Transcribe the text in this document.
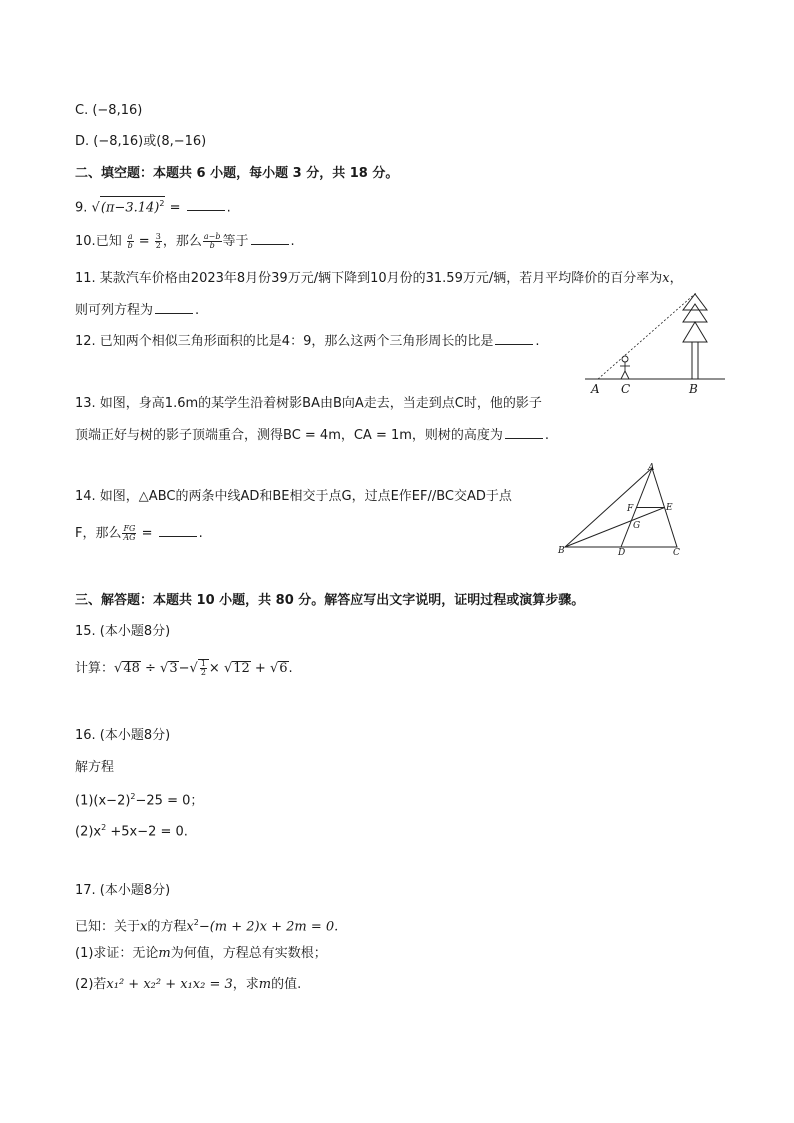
C. (−8,16)
D. (−8,16)或(8,−16)
二、填空题：本题共 6 小题，每小题 3 分，共 18 分。
9. $√(\pi-3.14)^2$ =	.
10.已知 $\frac{a}{b} = \frac{3}{2}$ ，那么 $\frac{a-b}{b}$ 等于	.
11. 某款汽车价格由2023年8月份39万元/辆下降到10月份的31.59万元/辆，若月平均降价的百分率为x，
则可列方程为	.
12. 已知两个相似三角形面积的比是4：9，那么这两个三角形周长的比是	.
A C	B
13. 如图，身高1.6m的某学生沿着树影BA由B向A走去，当走到点C时，他的影子
顶端正好与树的影子顶端重合，测得BC = 4m，CA = 1m，则树的高度为	.
A
E
F
G
B	D	C
14. 如图，△ABC的两条中线AD和BE相交于点G，过点E作EF//BC交AD于点
F，那么 $\frac{FG}{AG}$ =	.
三、解答题：本题共 10 小题，共 80 分。解答应写出文字说明，证明过程或演算步骤。
15. (本小题8分)
计算：$√48 \div √3-√ \frac{1}{2} \times √12 + √6$.
16. (本小题8分)
解方程
$(1)(x-2)^2-25 = 0$；
$(2)x^2 +5x-2 = 0$.
17. (本小题8分)
已知：关于x的方程$x^2-(m + 2)x + 2m = 0$.
(1)求证：无论m为何值，方程总有实数根；
(2)若x₁² + x₂² + x₁x₂ = 3，求m的值.
